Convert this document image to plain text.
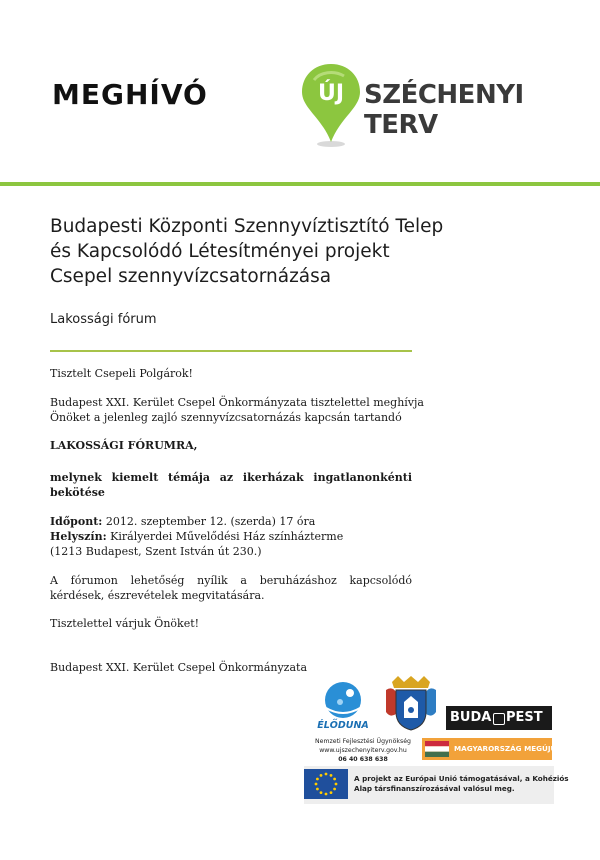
MEGHÍVÓ	ÚJ SZÉCHENYI TERV
Budapesti Központi Szennyvíztisztító Telep
és Kapcsolódó Létesítményei projekt
Csepel szennyvízcsatornázása
Lakossági fórum
Tisztelt Csepeli Polgárok!
Budapest XXI. Kerület Csepel Önkormányzata tisztelettel meghívja
Önöket a jelenleg zajló szennyvízcsatornázás kapcsán tartandó
LAKOSSÁGI FÓRUMRA,
melynek kiemelt témája az ikerházak ingatlanonkénti bekötése
Időpont: 2012. szeptember 12. (szerda) 17 óra
Helyszín: Királyerdei Művelődési Ház színházterme
(1213 Budapest, Szent István út 230.)
A fórumon lehetőség nyílik a beruházáshoz kapcsolódó kérdések, észrevételek megvitatására.
Tisztelettel várjuk Önöket!
Budapest XXI. Kerület Csepel Önkormányzata
ÉLŐDUNA
BUDA PEST
Nemzeti Fejlesztési Ügynökség
www.ujszechenyiterv.gov.hu
06 40 638 638
MAGYARORSZÁG MEGÚJUL
A projekt az Európai Unió támogatásával, a Kohéziós
Alap társfinanszírozásával valósul meg.
